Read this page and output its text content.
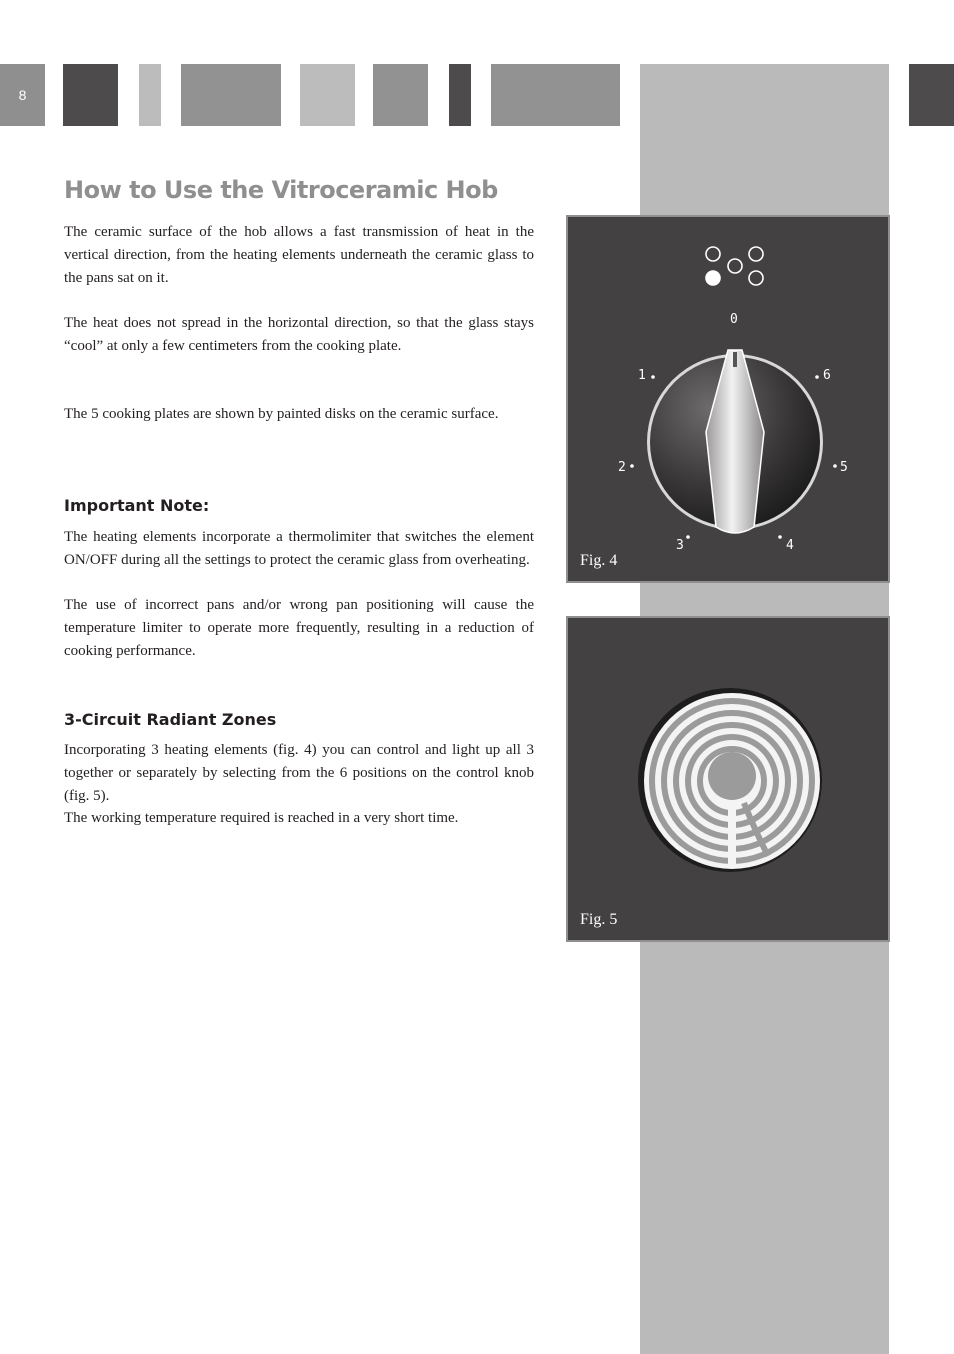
8
How to Use the Vitroceramic Hob

The ceramic surface of the hob allows a fast transmission of heat in the vertical direction, from the heating elements underneath the ceramic glass to the pans sat on it.

The heat does not spread in the horizontal direction, so that the glass stays “cool” at only a few centimeters from the cooking plate.

The 5 cooking plates are shown by painted disks on the ceramic surface.

Important Note:

The heating elements incorporate a thermolimiter that switches the element ON/OFF during all the settings to protect the ceramic glass from overheating.

The use of incorrect pans and/or wrong pan positioning will cause the temperature limiter to operate more frequently, resulting in a reduction of cooking performance.

3-Circuit Radiant Zones

Incorporating 3 heating elements (fig. 4) you can control and light up all 3 together or separately by selecting from the 6 positions on the control knob (fig. 5).

The working temperature required is reached in a very short time.

0
1
2
3	4
5
6
Fig. 4
Fig. 5
